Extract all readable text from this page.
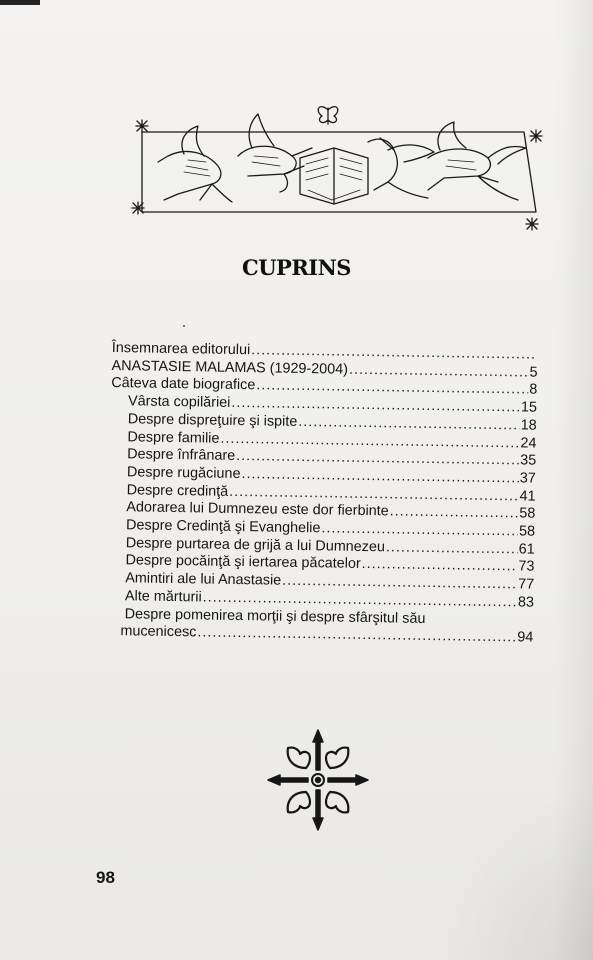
CUPRINS
Însemnarea editorului
.....
ANASTASIE MALAMAS (1929-2004) .....	5
Câteva date biografice .....	8
Vârsta copilăriei .....	15
Despre dispreţuire şi ispite .....	18
Despre familie .....	24
Despre înfrânare .....	35
Despre rugăciune .....	37
Despre credinţă .....	41
Adorarea lui Dumnezeu este dor fierbinte .....	58
Despre Credinţă şi Evanghelie .....	58
Despre purtarea de grijă a lui Dumnezeu .....	61
Despre pocăinţă şi iertarea păcatelor .....	73
Amintiri ale lui Anastasie .....	77
Alte mărturii .....	83
Despre pomenirea morţii şi despre sfârşitul său
mucenicesc .....	94
98
